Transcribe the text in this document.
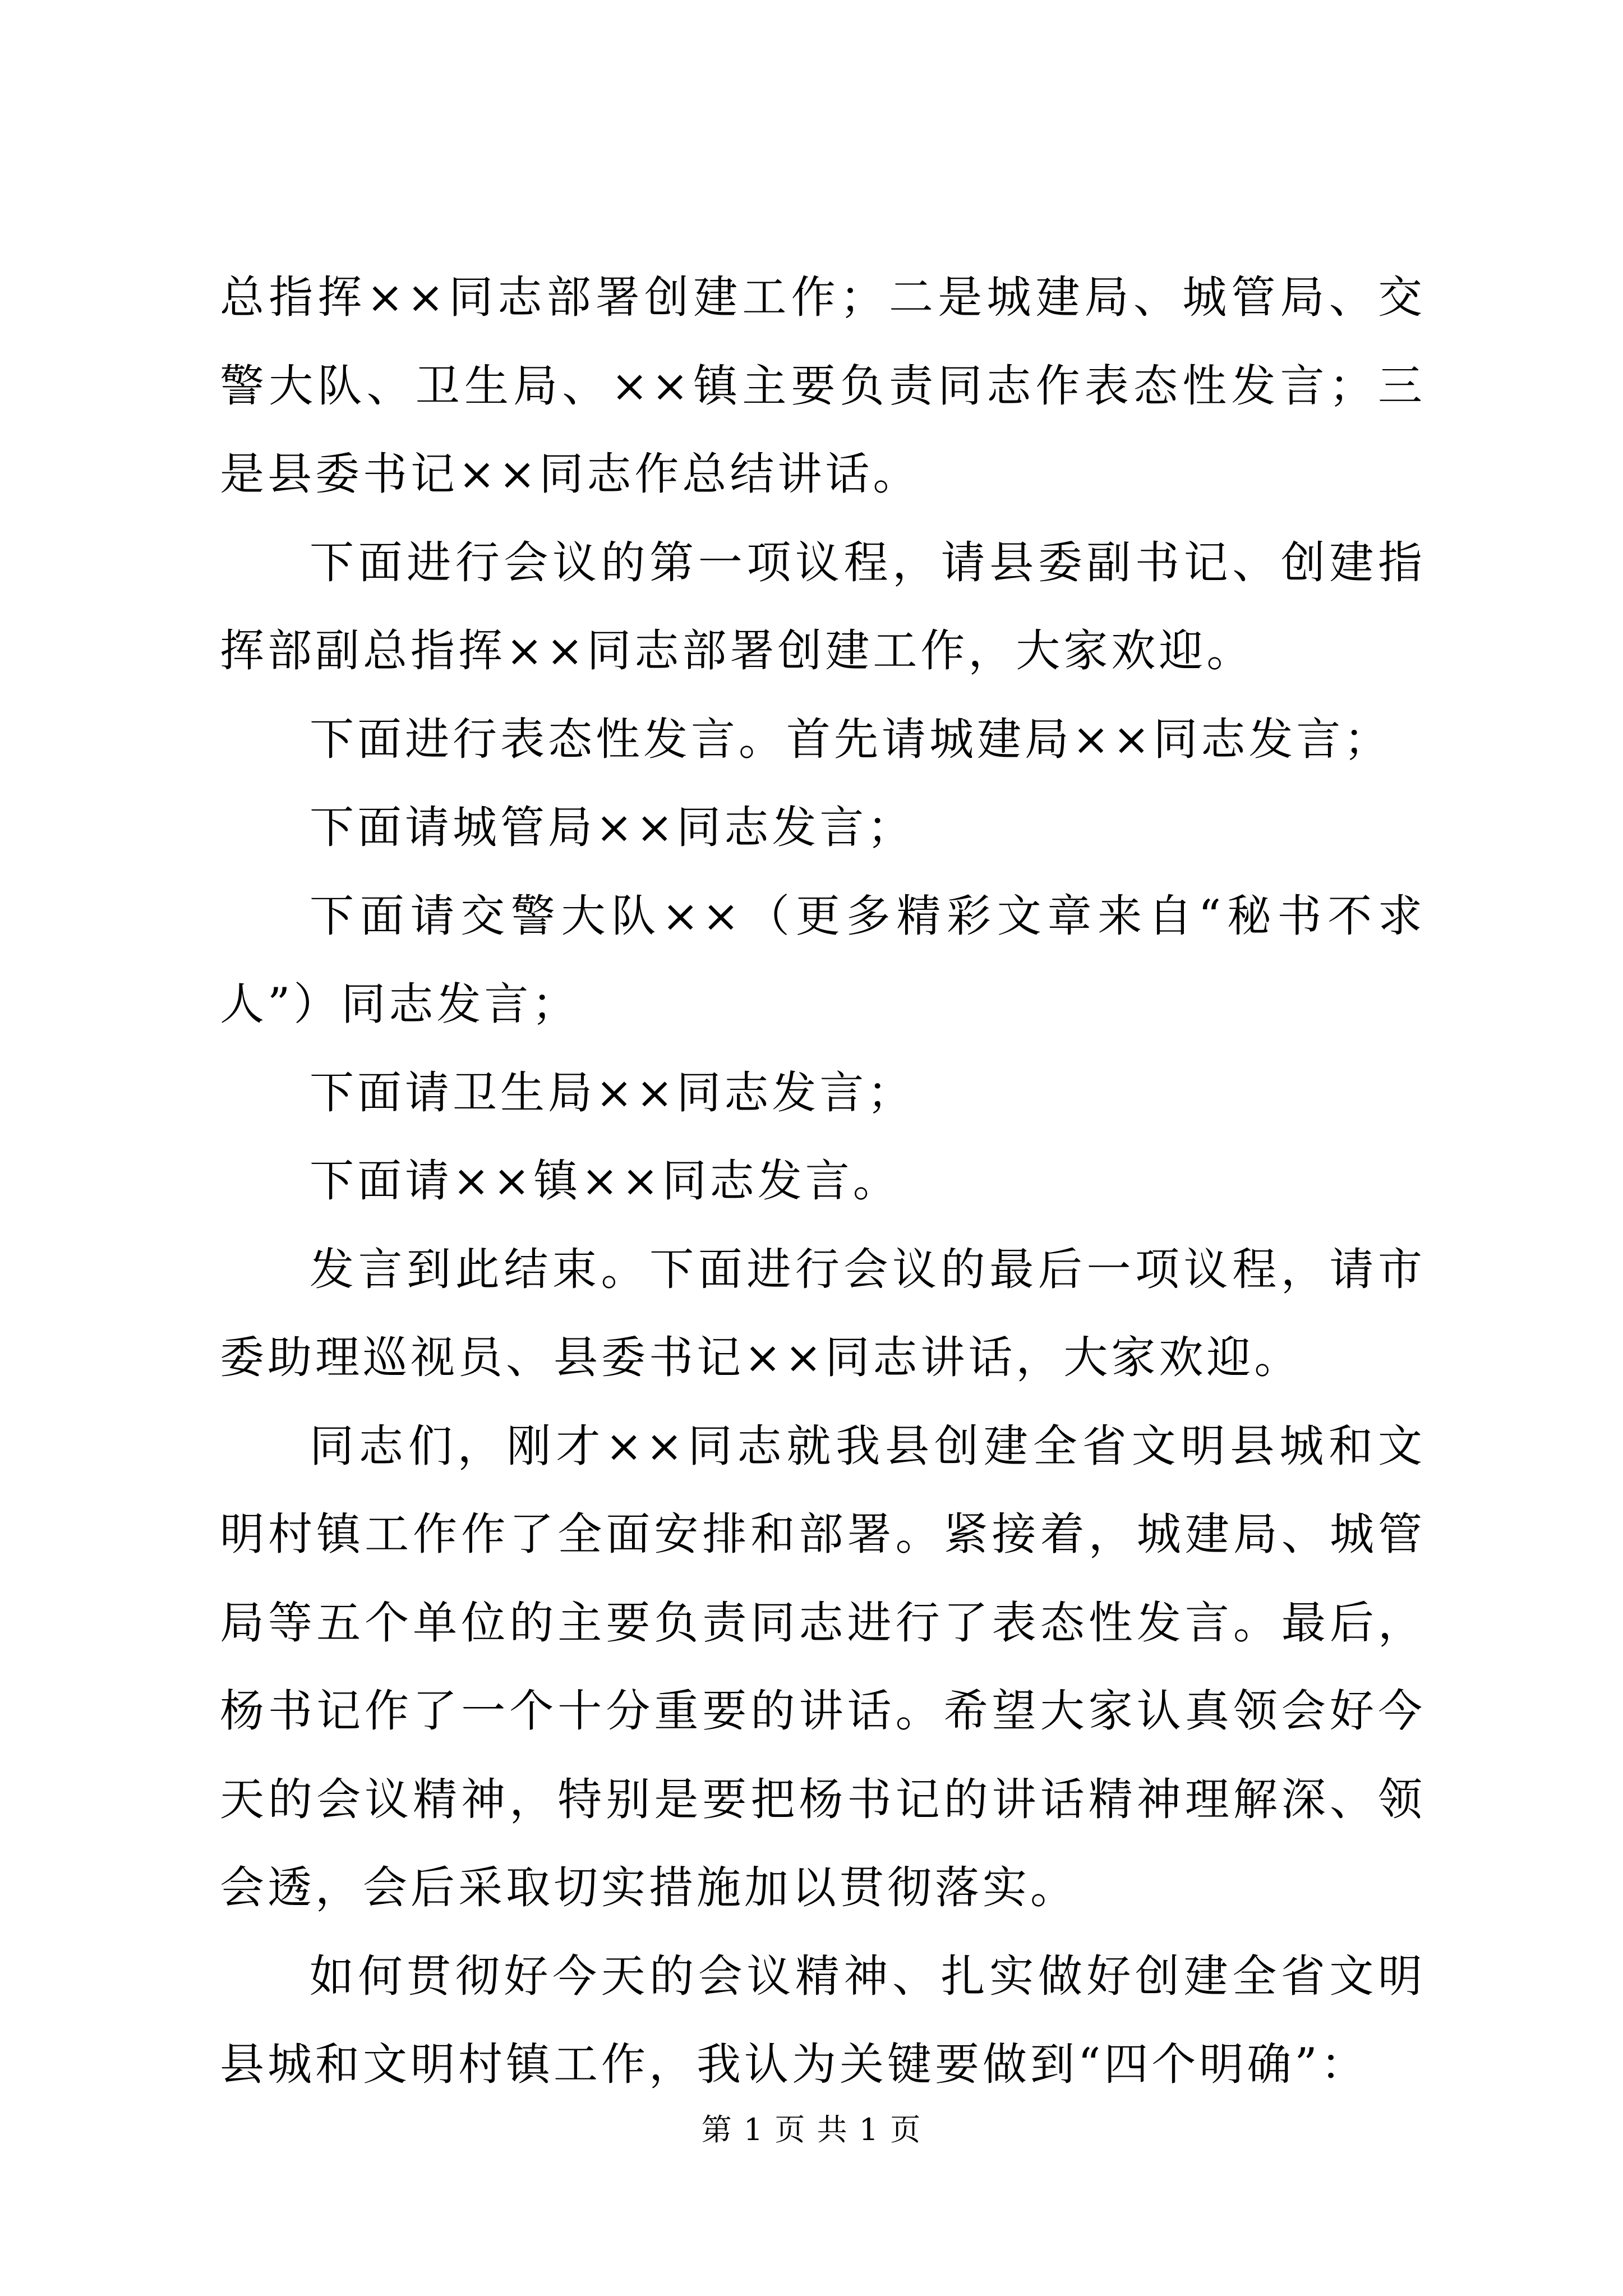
总指挥××同志部署创建工作；二是城建局、城管局、交警大队、卫生局、××镇主要负责同志作表态性发言；三是县委书记××同志作总结讲话。

下面进行会议的第一项议程，请县委副书记、创建指挥部副总指挥××同志部署创建工作，大家欢迎。

下面进行表态性发言。首先请城建局××同志发言；

下面请城管局××同志发言；

下面请交警大队××（更多精彩文章来自“秘书不求人”）同志发言；

下面请卫生局××同志发言；

下面请××镇××同志发言。

发言到此结束。下面进行会议的最后一项议程，请市委助理巡视员、县委书记××同志讲话，大家欢迎。

同志们，刚才××同志就我县创建全省文明县城和文明村镇工作作了全面安排和部署。紧接着，城建局、城管局等五个单位的主要负责同志进行了表态性发言。最后，杨书记作了一个十分重要的讲话。希望大家认真领会好今天的会议精神，特别是要把杨书记的讲话精神理解深、领会透，会后采取切实措施加以贯彻落实。

如何贯彻好今天的会议精神、扎实做好创建全省文明县城和文明村镇工作，我认为关键要做到“四个明确”：

第 1 页 共 1 页
